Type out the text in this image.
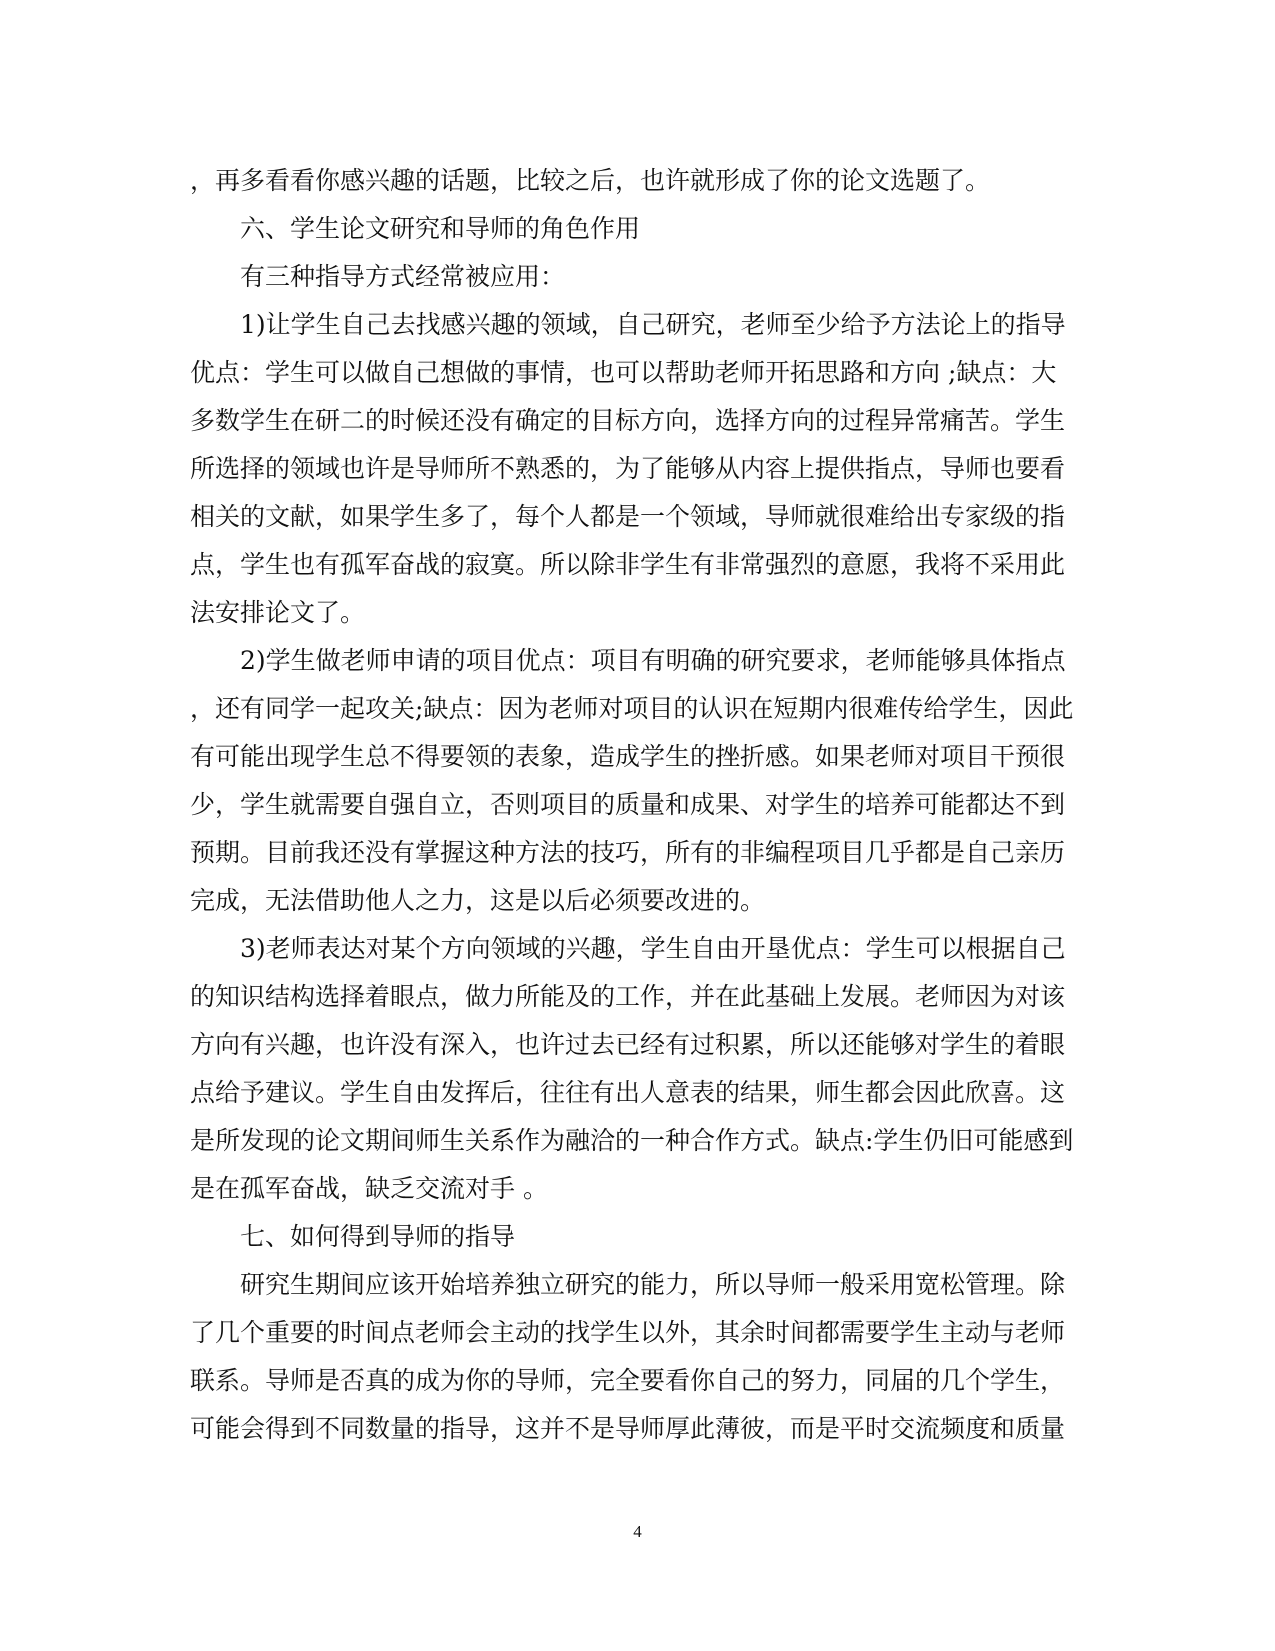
，再多看看你感兴趣的话题，比较之后，也许就形成了你的论文选题了。
六、学生论文研究和导师的角色作用
有三种指导方式经常被应用：
1)让学生自己去找感兴趣的领域，自己研究，老师至少给予方法论上的指导
优点：学生可以做自己想做的事情，也可以帮助老师开拓思路和方向 ;缺点：大
多数学生在研二的时候还没有确定的目标方向，选择方向的过程异常痛苦。学生
所选择的领域也许是导师所不熟悉的，为了能够从内容上提供指点，导师也要看
相关的文献，如果学生多了，每个人都是一个领域，导师就很难给出专家级的指
点，学生也有孤军奋战的寂寞。所以除非学生有非常强烈的意愿，我将不采用此
法安排论文了。
2)学生做老师申请的项目优点：项目有明确的研究要求，老师能够具体指点
，还有同学一起攻关;缺点：因为老师对项目的认识在短期内很难传给学生，因此
有可能出现学生总不得要领的表象，造成学生的挫折感。如果老师对项目干预很
少，学生就需要自强自立，否则项目的质量和成果、对学生的培养可能都达不到
预期。目前我还没有掌握这种方法的技巧，所有的非编程项目几乎都是自己亲历
完成，无法借助他人之力，这是以后必须要改进的。
3)老师表达对某个方向领域的兴趣，学生自由开垦优点：学生可以根据自己
的知识结构选择着眼点，做力所能及的工作，并在此基础上发展。老师因为对该
方向有兴趣，也许没有深入，也许过去已经有过积累，所以还能够对学生的着眼
点给予建议。学生自由发挥后，往往有出人意表的结果，师生都会因此欣喜。这
是所发现的论文期间师生关系作为融洽的一种合作方式。缺点:学生仍旧可能感到
是在孤军奋战，缺乏交流对手 。
七、如何得到导师的指导
研究生期间应该开始培养独立研究的能力，所以导师一般采用宽松管理。除
了几个重要的时间点老师会主动的找学生以外，其余时间都需要学生主动与老师
联系。导师是否真的成为你的导师，完全要看你自己的努力，同届的几个学生，
可能会得到不同数量的指导，这并不是导师厚此薄彼，而是平时交流频度和质量
4
